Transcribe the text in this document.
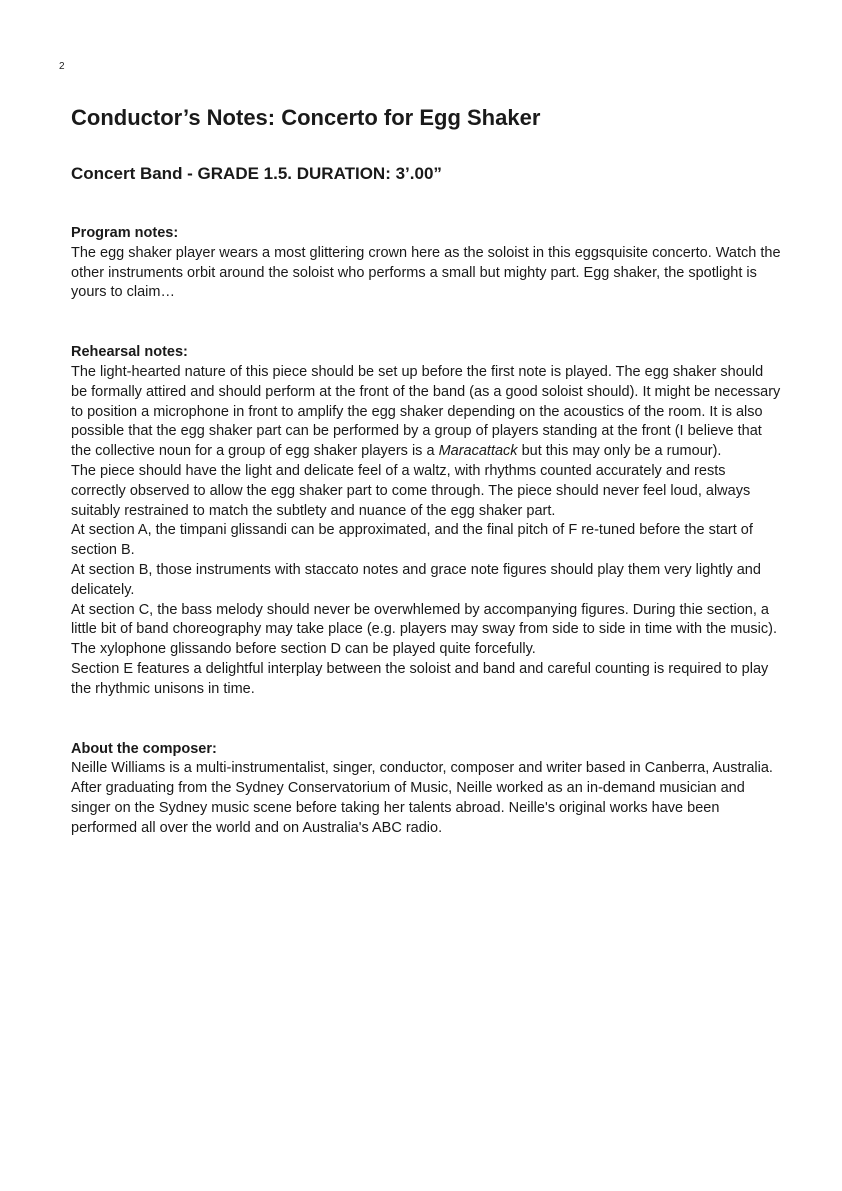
2
Conductor’s Notes: Concerto for Egg Shaker
Concert Band - GRADE 1.5. DURATION: 3’.00”

Program notes:

The egg shaker player wears a most glittering crown here as the soloist in this eggsquisite concerto. Watch the other instruments orbit around the soloist who performs a small but mighty part. Egg shaker, the spotlight is yours to claim…

Rehearsal notes:

The light-hearted nature of this piece should be set up before the first note is played. The egg shaker should be formally attired and should perform at the front of the band (as a good soloist should). It might be necessary to position a microphone in front to amplify the egg shaker depending on the acoustics of the room. It is also possible that the egg shaker part can be performed by a group of players standing at the front (I believe that the collective noun for a group of egg shaker players is a Maracattack but this may only be a rumour).

The piece should have the light and delicate feel of a waltz, with rhythms counted accurately and rests correctly observed to allow the egg shaker part to come through. The piece should never feel loud, always suitably restrained to match the subtlety and nuance of the egg shaker part.

At section A, the timpani glissandi can be approximated, and the final pitch of F re-tuned before the start of section B.

At section B, those instruments with staccato notes and grace note figures should play them very lightly and delicately.

At section C, the bass melody should never be overwhlemed by accompanying figures. During thie section, a little bit of band choreography may take place (e.g. players may sway from side to side in time with the music). The xylophone glissando before section D can be played quite forcefully.

Section E features a delightful interplay between the soloist and band and careful counting is required to play the rhythmic unisons in time.

About the composer:

Neille Williams is a multi-instrumentalist, singer, conductor, composer and writer based in Canberra, Australia. After graduating from the Sydney Conservatorium of Music, Neille worked as an in-demand musician and singer on the Sydney music scene before taking her talents abroad. Neille's original works have been performed all over the world and on Australia's ABC radio.
